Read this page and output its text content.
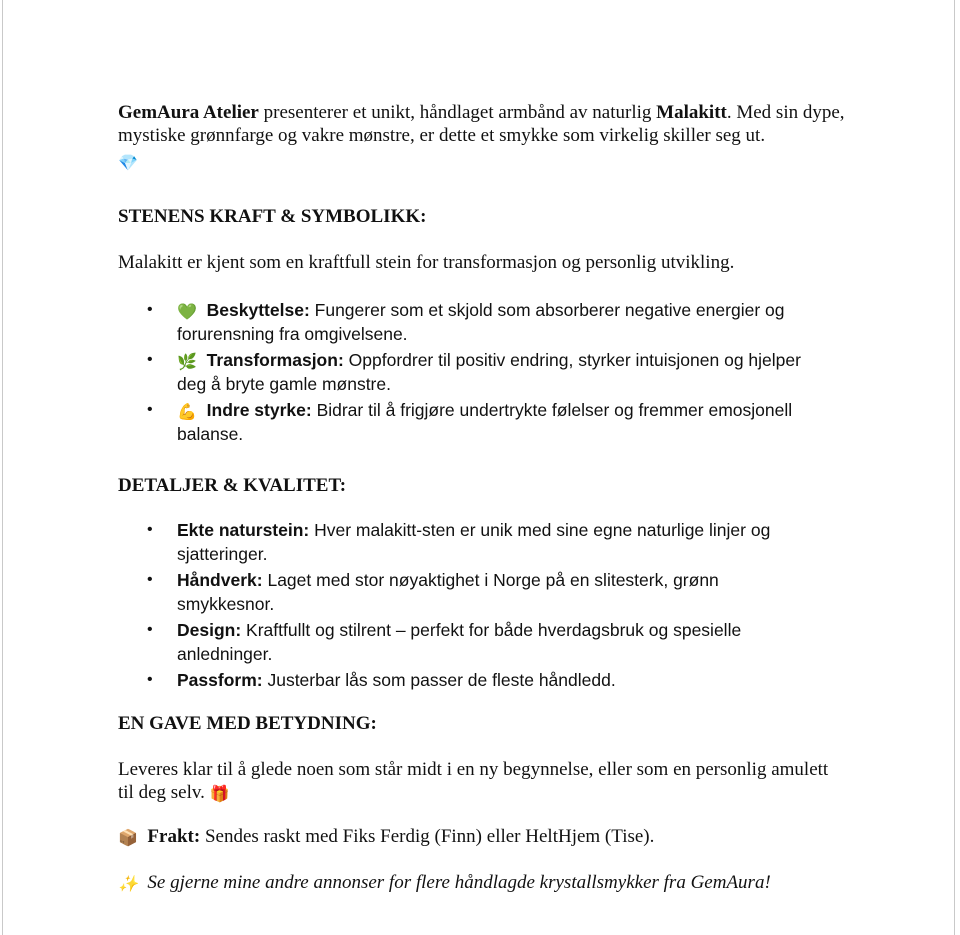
GemAura Atelier presenterer et unikt, håndlaget armbånd av naturlig Malakitt. Med sin dype, mystiske grønnfarge og vakre mønstre, er dette et smykke som virkelig skiller seg ut.

💎

STENENS KRAFT & SYMBOLIKK:

Malakitt er kjent som en kraftfull stein for transformasjon og personlig utvikling.

• 💚 Beskyttelse: Fungerer som et skjold som absorberer negative energier og forurensning fra omgivelsene.
• 🌿 Transformasjon: Oppfordrer til positiv endring, styrker intuisjonen og hjelper deg å bryte gamle mønstre.
• 💪 Indre styrke: Bidrar til å frigjøre undertrykte følelser og fremmer emosjonell balanse.

DETALJER & KVALITET:

• Ekte naturstein: Hver malakitt-sten er unik med sine egne naturlige linjer og sjatteringer.
• Håndverk: Laget med stor nøyaktighet i Norge på en slitesterk, grønn smykkesnor.
• Design: Kraftfullt og stilrent – perfekt for både hverdagsbruk og spesielle anledninger.
• Passform: Justerbar lås som passer de fleste håndledd.

EN GAVE MED BETYDNING:

Leveres klar til å glede noen som står midt i en ny begynnelse, eller som en personlig amulett til deg selv. 🎁

📦 Frakt: Sendes raskt med Fiks Ferdig (Finn) eller HeltHjem (Tise).

✨ Se gjerne mine andre annonser for flere håndlagde krystallsmykker fra GemAura!
